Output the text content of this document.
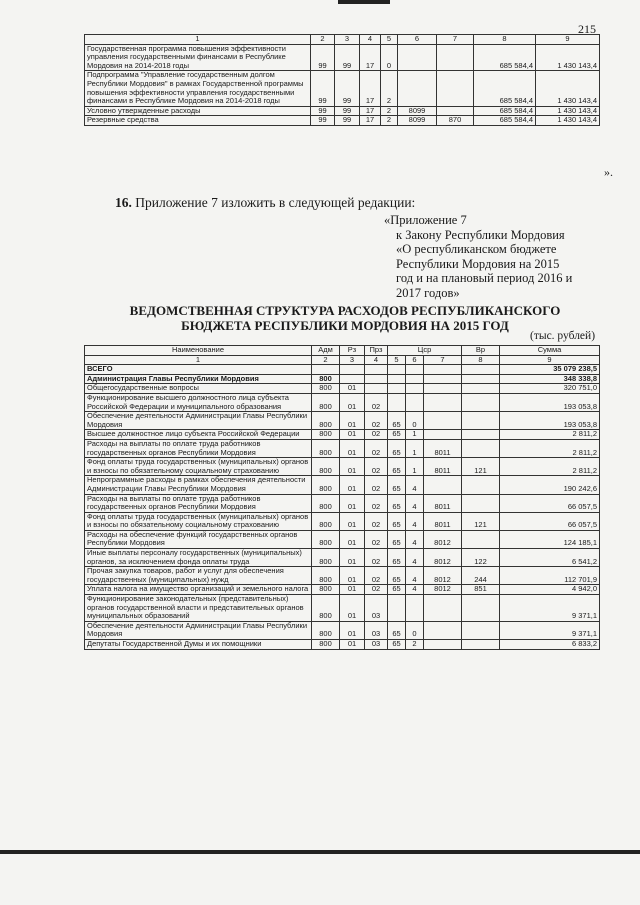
215
1	2	3	4	5	6	7	8	9
Государственная программа повышения эффективности управления государственными финансами в Республике Мордовия на 2014-2018 годы	99	99	17	0			685 584,4	1 430 143,4
Подпрограмма "Управление государственным долгом Республики Мордовия" в рамках Государственной программы повышения эффективности управления государственными финансами в Республике Мордовия на 2014-2018 годы	99	99	17	2			685 584,4	1 430 143,4
Условно утвержденные расходы	99	99	17	2	8099		685 584,4	1 430 143,4
Резервные средства	99	99	17	2	8099	870	685 584,4	1 430 143,4
».
16. Приложение 7 изложить в следующей редакции:
«Приложение 7
к Закону Республики Мордовия
«О республиканском бюджете
Республики Мордовия на 2015
год и на плановый период 2016 и
2017 годов»
ВЕДОМСТВЕННАЯ СТРУКТУРА РАСХОДОВ РЕСПУБЛИКАНСКОГО
БЮДЖЕТА РЕСПУБЛИКИ МОРДОВИЯ НА 2015 ГОД
(тыс. рублей)
Наименование	Адм	Рз	Прз	Цср			Вр	Сумма
1	2	3	4	5	6	7	8	9
ВСЕГО								35 079 238,5
Администрация Главы Республики Мордовия	800							348 338,8
Общегосударственные вопросы	800	01						320 751,0
Функционирование высшего должностного лица субъекта Российской Федерации и муниципального образования	800	01	02					193 053,8
Обеспечение деятельности Администрации Главы Республики Мордовия	800	01	02	65	0			193 053,8
Высшее должностное лицо субъекта Российской Федерации	800	01	02	65	1			2 811,2
Расходы на выплаты по оплате труда работников государственных органов Республики Мордовия	800	01	02	65	1	8011		2 811,2
Фонд оплаты труда государственных (муниципальных) органов и взносы по обязательному социальному страхованию	800	01	02	65	1	8011	121	2 811,2
Непрограммные расходы в рамках обеспечения деятельности Администрации Главы Республики Мордовия	800	01	02	65	4			190 242,6
Расходы на выплаты по оплате труда работников государственных органов Республики Мордовия	800	01	02	65	4	8011		66 057,5
Фонд оплаты труда государственных (муниципальных) органов и взносы по обязательному социальному страхованию	800	01	02	65	4	8011	121	66 057,5
Расходы на обеспечение функций государственных органов Республики Мордовия	800	01	02	65	4	8012		124 185,1
Иные выплаты персоналу государственных (муниципальных) органов, за исключением фонда оплаты труда	800	01	02	65	4	8012	122	6 541,2
Прочая закупка товаров, работ и услуг для обеспечения государственных (муниципальных) нужд	800	01	02	65	4	8012	244	112 701,9
Уплата налога на имущество организаций и земельного налога	800	01	02	65	4	8012	851	4 942,0
Функционирование законодательных (представительных) органов государственной власти и представительных органов муниципальных образований	800	01	03					9 371,1
Обеспечение деятельности Администрации Главы Республики Мордовия	800	01	03	65	0			9 371,1
Депутаты Государственной Думы и их помощники	800	01	03	65	2			6 833,2
